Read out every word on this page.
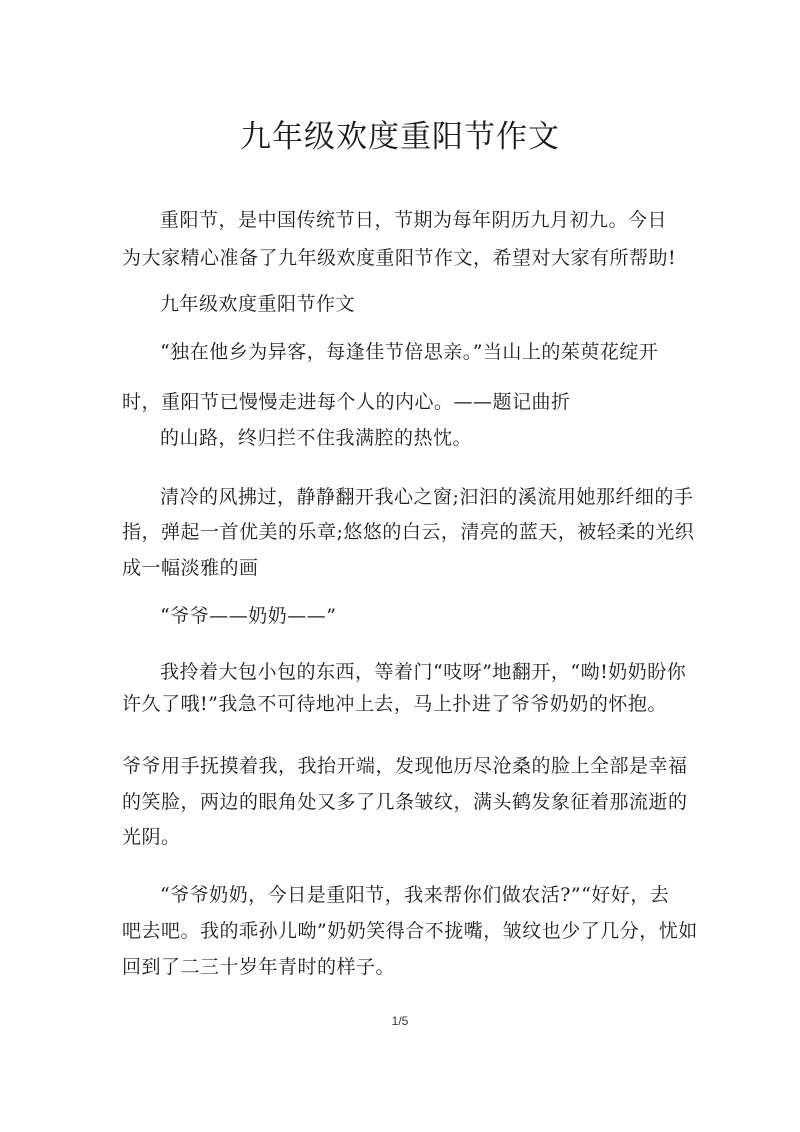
九年级欢度重阳节作文
重阳节，是中国传统节日，节期为每年阴历九月初九。今日
为大家精心准备了九年级欢度重阳节作文，希望对大家有所帮助!
九年级欢度重阳节作文
“独在他乡为异客，每逢佳节倍思亲。”当山上的茱萸花绽开
时，重阳节已慢慢走进每个人的内心。——题记曲折
的山路，终归拦不住我满腔的热忱。
清冷的风拂过，静静翻开我心之窗;汩汩的溪流用她那纤细的手
指，弹起一首优美的乐章;悠悠的白云，清亮的蓝天，被轻柔的光织
成一幅淡雅的画
“爷爷——奶奶——”
我拎着大包小包的东西，等着门“吱呀”地翻开，“呦!奶奶盼你
许久了哦!”我急不可待地冲上去，马上扑进了爷爷奶奶的怀抱。
爷爷用手抚摸着我，我抬开端，发现他历尽沧桑的脸上全部是幸福
的笑脸，两边的眼角处又多了几条皱纹，满头鹤发象征着那流逝的
光阴。
“爷爷奶奶，今日是重阳节，我来帮你们做农活?”“好好，去
吧去吧。我的乖孙儿呦”奶奶笑得合不拢嘴，皱纹也少了几分，忧如
回到了二三十岁年青时的样子。
1/5
